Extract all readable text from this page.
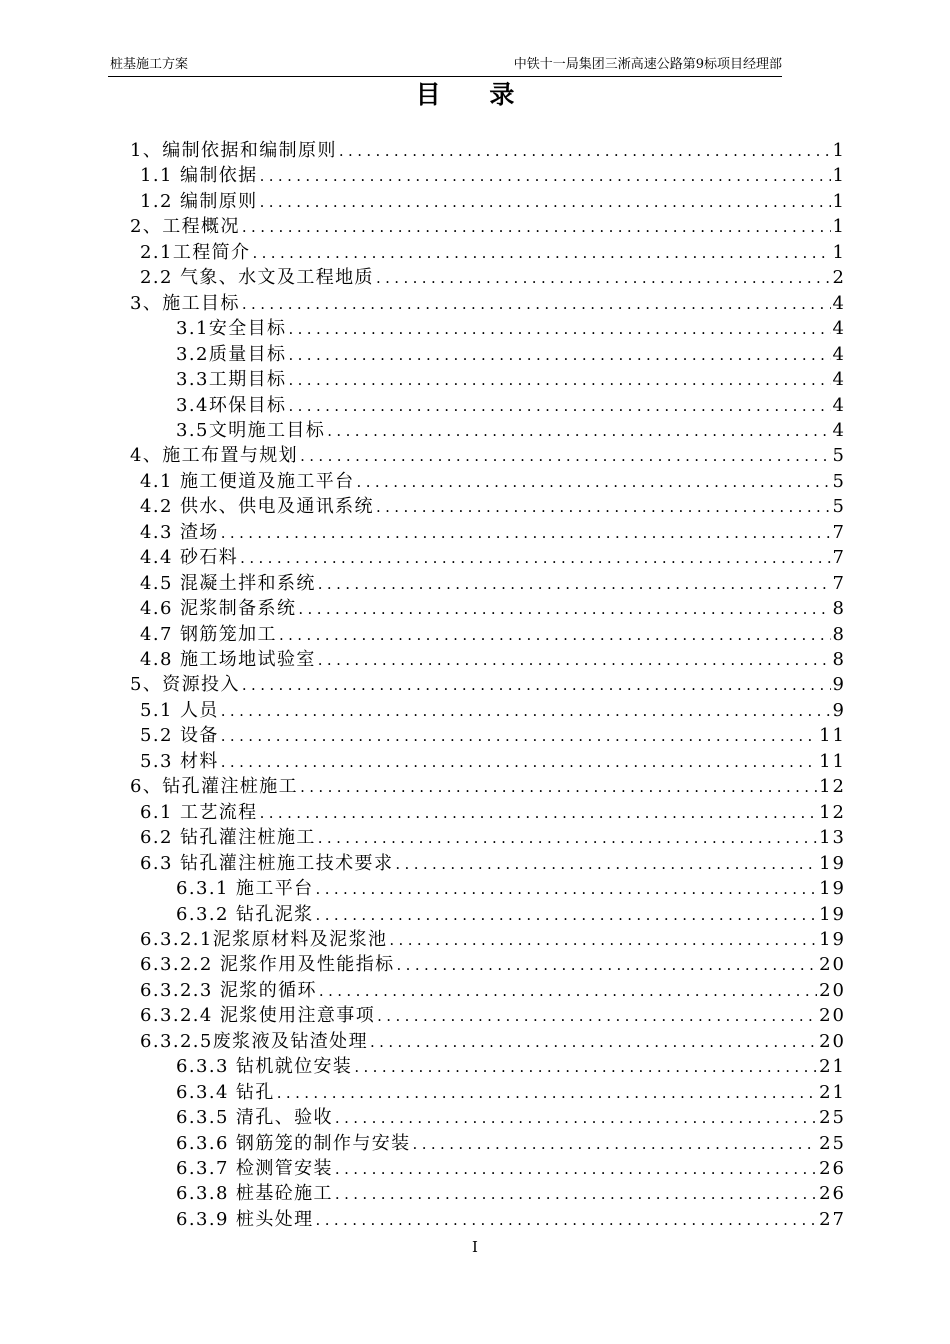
桩基施工方案	中铁十一局集团三淅高速公路第9标项目经理部
目 录
1、编制依据和编制原则 .....	1
1.1 编制依据 .....	1
1.2 编制原则 .....	1
2、工程概况 .....	1
2.1工程简介 .....	1
2.2 气象、水文及工程地质 .....	2
3、施工目标 .....	4
3.1安全目标 .....	4
3.2质量目标 .....	4
3.3工期目标 .....	4
3.4环保目标 .....	4
3.5文明施工目标 .....	4
4、施工布置与规划 .....	5
4.1 施工便道及施工平台 .....	5
4.2 供水、供电及通讯系统 .....	5
4.3 渣场 .....	7
4.4 砂石料 .....	7
4.5 混凝土拌和系统 .....	7
4.6 泥浆制备系统 .....	8
4.7 钢筋笼加工 .....	8
4.8 施工场地试验室 .....	8
5、资源投入 .....	9
5.1 人员 .....	9
5.2 设备 .....	11
5.3 材料 .....	11
6、钻孔灌注桩施工 .....	12
6.1 工艺流程 .....	12
6.2 钻孔灌注桩施工 .....	13
6.3 钻孔灌注桩施工技术要求 .....	19
6.3.1 施工平台 .....	19
6.3.2 钻孔泥浆 .....	19
6.3.2.1泥浆原材料及泥浆池 .....	19
6.3.2.2 泥浆作用及性能指标 .....	20
6.3.2.3 泥浆的循环 .....	20
6.3.2.4 泥浆使用注意事项 .....	20
6.3.2.5废浆液及钻渣处理 .....	20
6.3.3 钻机就位安装 .....	21
6.3.4 钻孔 .....	21
6.3.5 清孔、验收 .....	25
6.3.6 钢筋笼的制作与安装 .....	25
6.3.7 检测管安装 .....	26
6.3.8 桩基砼施工 .....	26
6.3.9 桩头处理 .....	27
I
